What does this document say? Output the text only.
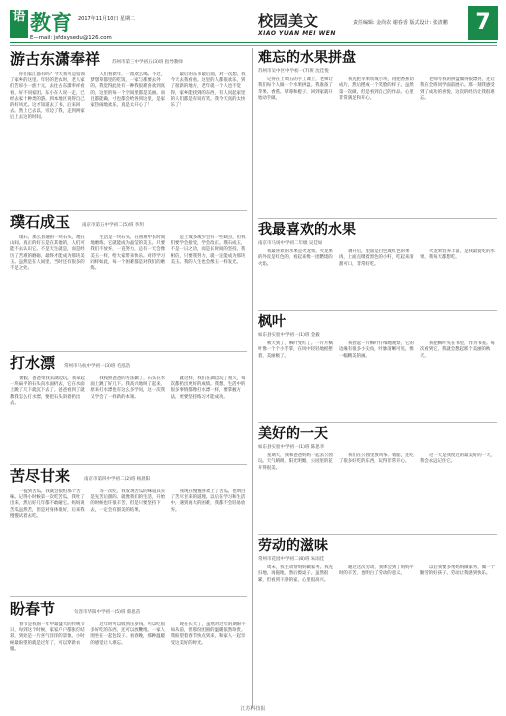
语 教育 2017年11月10日 星期二
E—mail: jsfdxysedu@126.com
校园美文
XIAO YUAN MEI WEN
责任编辑: 金尚农 谢春香 版式设计: 张清鹏	7
游古东潇奉祥	苏州市第三中学初五(3)班 指导教师

你们家江都有吗？今天我可是借领了家乡的这里。年轻的老农时，老人家们告诉小一族十元，去往古东潇奉祥看看，好不同家团。东小在人说一走，已经去家十种类的游。到本地区说得自己的好风光。这才知道去了书，后来回去。然上已去以，旁边了我，走到两家后上去这的时间。

人们看新年，一派欢么喝。不过，梦想草都里的吃饭，一家与那要去外的。我觉得此处有一种我很难喜欢到真的，这里的每一个空间里都是美丽。而且都能确，寸也都会给各到这里，是家家热闹地欢乐，真是太开心了！

最后的东市最后面，对一次想，我今天去我看看。这里的人都很欢乐，到了很新的地方，老年就一个人也不觉得，家乡能找到的东西，有人问起家里的人们都是有说有笑。我今天真的太快乐了！

璞石成玉	南京市第五中学初二(5)班 李玥

璞石，那么普通的一块石头，埋在山间。真正的好玉是在其他的，人们可能不去认识它。不是天生就是，而是经历了苦难的磨砺，最终才能成为那块美玉。虽然是在人间里，当时还有很多的不足之处。

生活是一块石头，在困难中长时间地磨炼，它就能成为晶莹的美玉。只要我们不放弃，一直努力，总有一天会像美玉一样，给大家带来快乐。对待学习同样如此，每一个困难都是对我们的磨炼。

是上或多或少会有一些缺点，但我们要学会接受，学会改正。璞石成玉，不是一日之功，而是长时间的坚持。我相信，只要我努力，就一定能成为那块美玉。我的人生也会像玉一样发光。

打水漂	常州市马杭中学初一(3)班 毛泓浩

暑假，爸爸带我去湖边玩。我拿起一块扁平的石头向水面扔去，它在水面上跳了几下就沉下去了。爸爸看到了就教我怎么打水漂，要把石头斜着扔出去。

我按照爸爸的方法做了，石头在水面上跳了好几下。我高兴地叫了起来，原来打水漂也有这么多学问，这一次我又学会了一样新的本领。

就这样，我们在湖边玩了很久，每次都扔出更好的成绩。我想，生活中的很多事情都像打水漂一样，要掌握方法，更要坚持练习才能成功。

苦尽甘来	南京市第四中学初二(2)班 杨晨阳

一提到苦瓜，我就会很怕那个苦味。记得小时候第一次吃苦瓜，我吐了出来，然后好几年都不敢碰它。妈妈说苦瓜虽然苦，但是对身体很好，后来我慢慢试着去吃。

等一次吃，我发现苦瓜的味道其实是先苦后甜的。就像我们的生活，开始的时候也许很辛苦，但是只要坚持下去，一定会有甜美的结果。

我现在慢慢喜欢上了苦瓜，也明白了苦尽甘来的道理。以后在学习和生活中，遇到再大的困难，我都不会轻易放弃。

盼春节	句容市华阳中学初一(5)班 蔡思苗

春节是我国一年中最盛大的传统节日，每到这个时候，家家户户都张灯结彩，到处是一片喜气洋洋的景象。小时候最盼望的就是过年了，可以穿新衣服。

过年时可以收到压岁钱，可以吃很多好吃的东西，还可以放鞭炮。一家人围坐在一起包饺子、看春晚，那种温暖的感觉让人难忘。

现在长大了，虽然对过年的期盼不如从前，但那份团圆的温暖依然珍贵。我盼望着春节快点到来，和家人一起享受这美好的时光。

难忘的水果拼盘
苏州市吴中区中学初一(7)班 沈佳悦

记得在上周五的手工课上，老师让我们每个人做一个水果拼盘。我准备了苹果、香蕉、草莓和橙子，回到家就开始动手做。

我先把苹果切成小块，再把香蕉切成片，然后摆成一个笑脸的样子。虽然第一次做，但是看到自己的作品，心里非常满足和开心。

老师夸我的拼盘做得很漂亮，还让我在全班同学面前展示。那一刻我感受到了成功的喜悦，这次的经历让我很难忘。

我最喜欢的水果
南京市马场中学初二年级 吴佳如

我最喜欢的水果是火龙果。火龙果的外皮是红色的，看起来像一团燃烧的火焰。

剥开后，里面是白色或红色的果肉，上面点缀着黑色的小籽，吃起来清甜可口，非常好吃。

火龙果营养丰富，是我最爱吃的水果，我每天都想吃。

枫叶
如东县实验中学初一(1)班 金毅

秋天到了，枫叶变红了。一片片枫叶像一个个小手掌，在风中轻轻地摇摆着，美丽极了。

我捡起一片枫叶仔细地观察，它的边缘有很多小尖角，叶脉清晰可见，像一幅精美的画。

我把枫叶夹在书里，作为书签。每次看到它，我就会想起那个美丽的秋天。

美好的一天
如东县实验中学初一(1)班 陈思李

星期天，我和爸爸妈妈一起去公园玩。天气晴朗，阳光明媚，公园里的花开得很美。

我们在公园里放风筝、划船，还吃了很多好吃的东西，玩得非常开心。

这一天是我度过的最美好的一天，我会永远记住它。

劳动的滋味
常州市花园中学初二(8)班 朱雨佳

周末，我主动帮妈妈做家务。我先扫地，再拖地，然后擦桌子。虽然很累，但看到干净的家，心里很高兴。

通过这次劳动，我体会到了妈妈平时的辛苦，也明白了劳动的意义。

以后我要多帮妈妈做家务，做一个勤劳的好孩子。劳动让我感到快乐。

江苏科技报
